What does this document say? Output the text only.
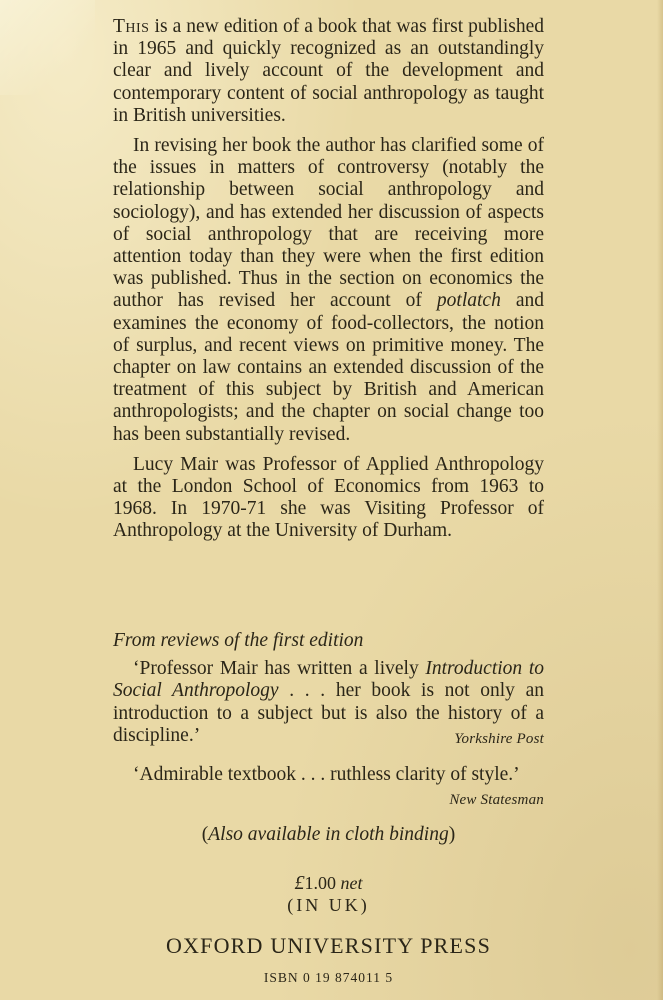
This is a new edition of a book that was first published in 1965 and quickly recognized as an outstandingly clear and lively account of the development and contemporary content of social anthropology as taught in British universities.

In revising her book the author has clarified some of the issues in matters of controversy (notably the relationship between social anthropology and sociology), and has extended her discussion of aspects of social anthropology that are receiving more attention today than they were when the first edition was published. Thus in the section on economics the author has revised her account of potlatch and examines the economy of food-collectors, the notion of surplus, and recent views on primitive money. The chapter on law contains an extended discussion of the treatment of this subject by British and American anthropologists; and the chapter on social change too has been substantially revised.

Lucy Mair was Professor of Applied Anthropology at the London School of Economics from 1963 to 1968. In 1970-71 she was Visiting Professor of Anthropology at the University of Durham.

From reviews of the first edition
‘Professor Mair has written a lively Introduction to Social Anthropology . . . her book is not only an introduction to a subject but is also the history of a discipline.’	Yorkshire Post
‘Admirable textbook . . . ruthless clarity of style.’
New Statesman
(Also available in cloth binding)
£1.00 net
(IN UK)
OXFORD UNIVERSITY PRESS
ISBN 0 19 874011 5
